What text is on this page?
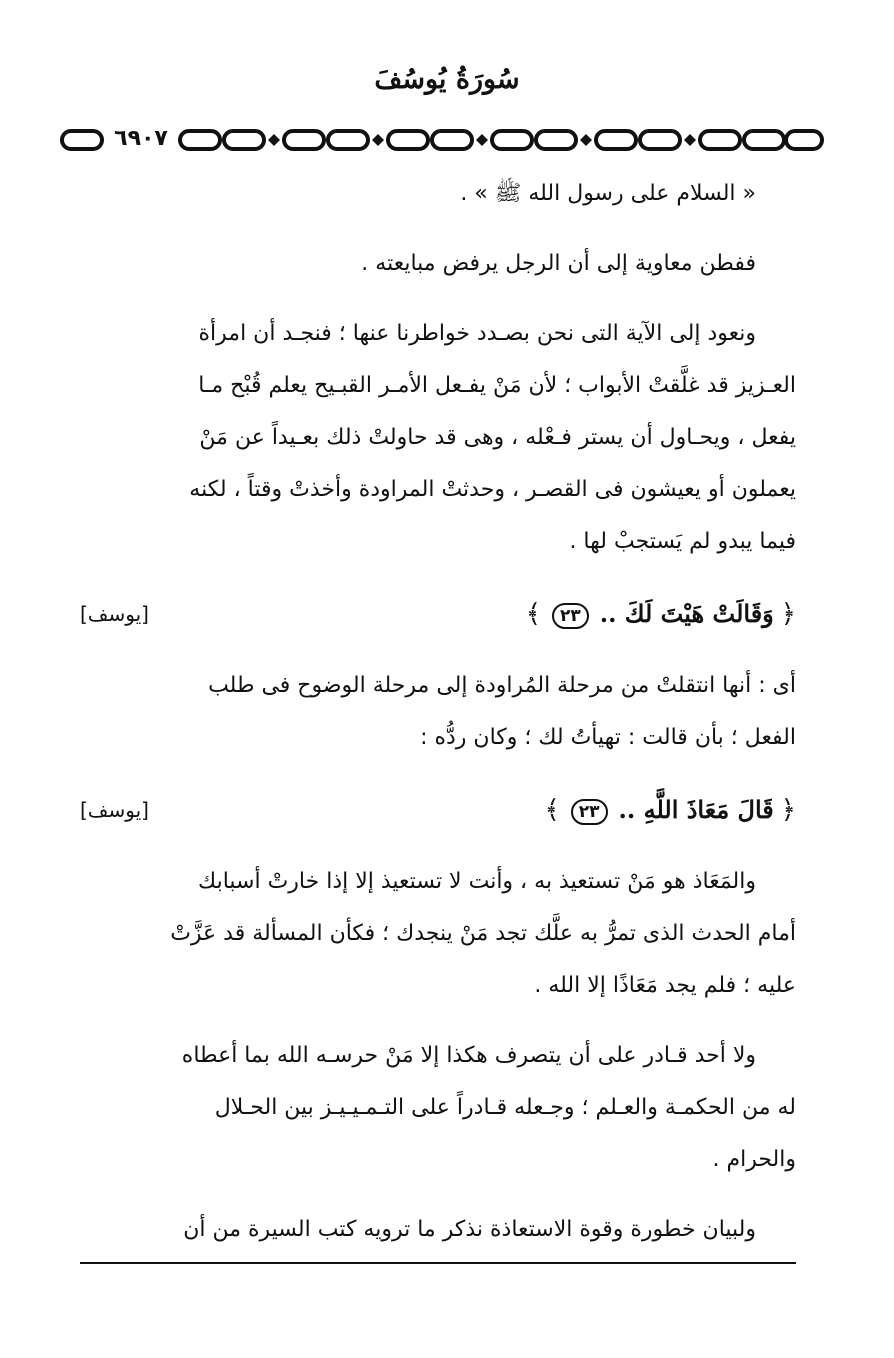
سُورَةُ يُوسُفَ
٦٩٠٧
« السلام على رسول الله ﷺ » .
ففطن معاوية إلى أن الرجل يرفض مبايعته .
ونعود إلى الآية التى نحن بصـدد خواطرنا عنها ؛ فنجـد أن امرأة
العـزيز قد غلَّقتْ الأبواب ؛ لأن مَنْ يفـعل الأمـر القبـيح يعلم قُبْح مـا
يفعل ، ويحـاول أن يستر فـعْله ، وهى قد حاولتْ ذلك بعـيداً عن مَنْ
يعملون أو يعيشون فى القصـر ، وحدثتْ المراودة وأخذتْ وقتاً ، لكنه
فيما يبدو لم يَستجبْ لها .
﴿ وَقَالَتْ هَيْتَ لَكَ .. ٢٣ ﴾
[يوسف]
أى : أنها انتقلتْ من مرحلة المُراودة إلى مرحلة الوضوح فى طلب
الفعل ؛ بأن قالت : تهيأتُ لك ؛ وكان ردُّه :
﴿ قَالَ مَعَاذَ اللَّهِ .. ٢٣ ﴾
[يوسف]
والمَعَاذ هو مَنْ تستعيذ به ، وأنت لا تستعيذ إلا إذا خارتْ أسبابك
أمام الحدث الذى تمرُّ به علَّك تجد مَنْ ينجدك ؛ فكأن المسألة قد عَزَّتْ
عليه ؛ فلم يجد مَعَاذًا إلا الله .
ولا أحد قـادر على أن يتصرف هكذا إلا مَنْ حرسـه الله بما أعطاه
له من الحكمـة والعـلم ؛ وجـعله قـادراً على التـمـيـيـز بين الحـلال
والحرام .
ولبيان خطورة وقوة الاستعاذة نذكر ما ترويه كتب السيرة من أن
